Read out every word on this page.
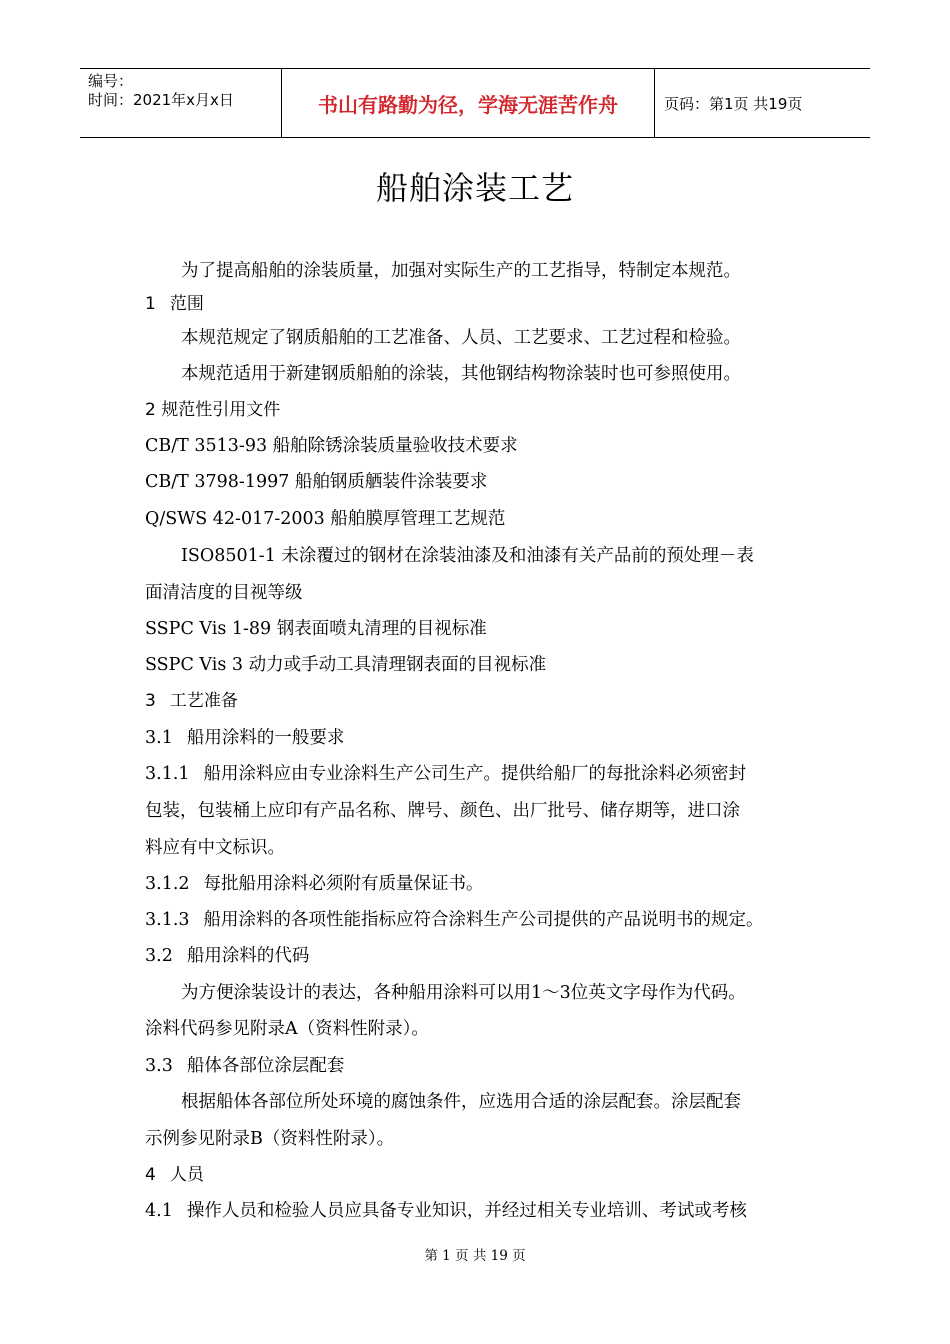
编号：
时间：2021年x月x日	书山有路勤为径，学海无涯苦作舟	页码：第1页 共19页
船舶涂装工艺
为了提高船舶的涂装质量，加强对实际生产的工艺指导，特制定本规范。
1 范围
本规范规定了钢质船舶的工艺准备、人员、工艺要求、工艺过程和检验。
本规范适用于新建钢质船舶的涂装，其他钢结构物涂装时也可参照使用。
2 规范性引用文件
CB/T 3513-93 船舶除锈涂装质量验收技术要求
CB/T 3798-1997 船舶钢质舾装件涂装要求
Q/SWS 42-017-2003 船舶膜厚管理工艺规范
ISO8501-1 未涂覆过的钢材在涂装油漆及和油漆有关产品前的预处理－表
面清洁度的目视等级
SSPC Vis 1-89 钢表面喷丸清理的目视标准
SSPC Vis 3 动力或手动工具清理钢表面的目视标准
3 工艺准备
3.1 船用涂料的一般要求
3.1.1 船用涂料应由专业涂料生产公司生产。提供给船厂的每批涂料必须密封
包装，包装桶上应印有产品名称、牌号、颜色、出厂批号、储存期等，进口涂
料应有中文标识。
3.1.2 每批船用涂料必须附有质量保证书。
3.1.3 船用涂料的各项性能指标应符合涂料生产公司提供的产品说明书的规定。
3.2 船用涂料的代码
为方便涂装设计的表达，各种船用涂料可以用1～3位英文字母作为代码。
涂料代码参见附录A（资料性附录）。
3.3 船体各部位涂层配套
根据船体各部位所处环境的腐蚀条件，应选用合适的涂层配套。涂层配套
示例参见附录B（资料性附录）。
4 人员
4.1 操作人员和检验人员应具备专业知识，并经过相关专业培训、考试或考核
第 1 页 共 19 页
